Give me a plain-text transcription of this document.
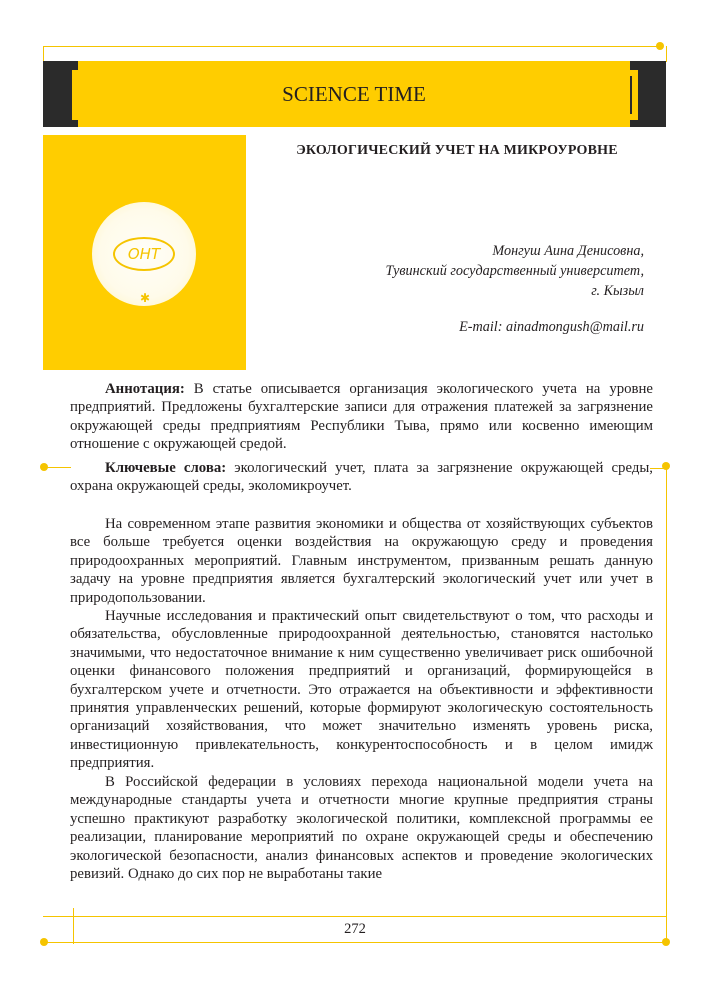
SCIENCE TIME
ОНТ
✱
ЭКОЛОГИЧЕСКИЙ УЧЕТ НА МИКРОУРОВНЕ
Монгуш Аина Денисовна,
Тувинский государственный университет,
г. Кызыл
E-mail: ainadmongush@mail.ru
Аннотация: В статье описывается организация экологического учета на уровне предприятий. Предложены бухгалтерские записи для отражения платежей за загрязнение окружающей среды предприятиям Республики Тыва, прямо или косвенно имеющим отношение с окружающей средой.
Ключевые слова: экологический учет, плата за загрязнение окружающей среды, охрана окружающей среды, эколомикроучет.
На современном этапе развития экономики и общества от хозяйствующих субъектов все больше требуется оценки воздействия на окружающую среду и проведения природоохранных мероприятий. Главным инструментом, призванным решать данную задачу на уровне предприятия является бухгалтерский экологический учет или учет в природопользовании.
Научные исследования и практический опыт свидетельствуют о том, что расходы и обязательства, обусловленные природоохранной деятельностью, становятся настолько значимыми, что недостаточное внимание к ним существенно увеличивает риск ошибочной оценки финансового положения предприятий и организаций, формирующейся в бухгалтерском учете и отчетности. Это отражается на объективности и эффективности принятия управленческих решений, которые формируют экологическую состоятельность организаций хозяйствования, что может значительно изменять уровень риска, инвестиционную привлекательность, конкурентоспособность и в целом имидж предприятия.
В Российской федерации в условиях перехода национальной модели учета на международные стандарты учета и отчетности многие крупные предприятия страны успешно практикуют разработку экологической политики, комплексной программы ее реализации, планирование мероприятий по охране окружающей среды и обеспечению экологической безопасности, анализ финансовых аспектов и проведение экологических ревизий. Однако до сих пор не выработаны такие
272
